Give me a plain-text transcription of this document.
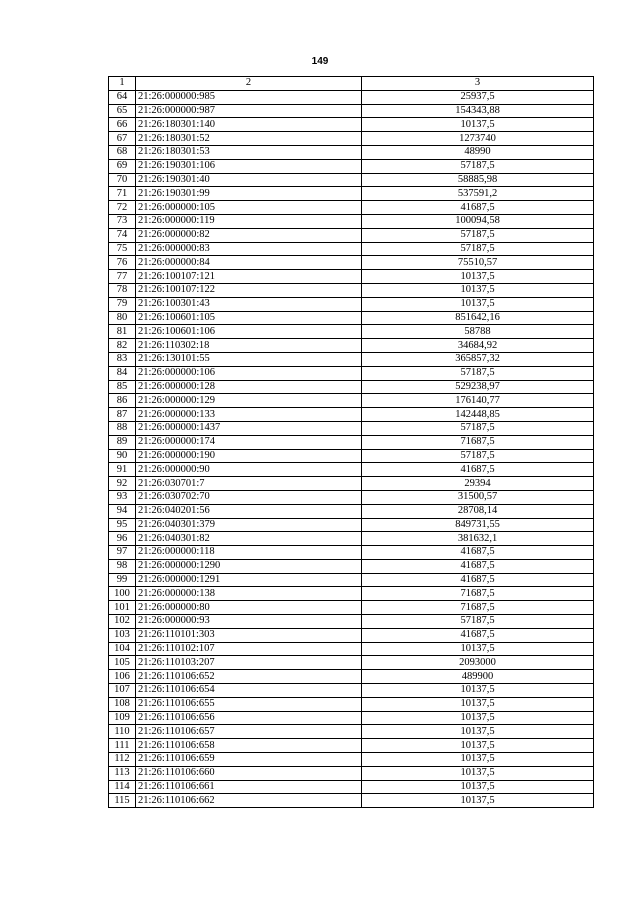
149
1	2	3
64	21:26:000000:985	25937,5
65	21:26:000000:987	154343,88
66	21:26:180301:140	10137,5
67	21:26:180301:52	1273740
68	21:26:180301:53	48990
69	21:26:190301:106	57187,5
70	21:26:190301:40	58885,98
71	21:26:190301:99	537591,2
72	21:26:000000:105	41687,5
73	21:26:000000:119	100094,58
74	21:26:000000:82	57187,5
75	21:26:000000:83	57187,5
76	21:26:000000:84	75510,57
77	21:26:100107:121	10137,5
78	21:26:100107:122	10137,5
79	21:26:100301:43	10137,5
80	21:26:100601:105	851642,16
81	21:26:100601:106	58788
82	21:26:110302:18	34684,92
83	21:26:130101:55	365857,32
84	21:26:000000:106	57187,5
85	21:26:000000:128	529238,97
86	21:26:000000:129	176140,77
87	21:26:000000:133	142448,85
88	21:26:000000:1437	57187,5
89	21:26:000000:174	71687,5
90	21:26:000000:190	57187,5
91	21:26:000000:90	41687,5
92	21:26:030701:7	29394
93	21:26:030702:70	31500,57
94	21:26:040201:56	28708,14
95	21:26:040301:379	849731,55
96	21:26:040301:82	381632,1
97	21:26:000000:118	41687,5
98	21:26:000000:1290	41687,5
99	21:26:000000:1291	41687,5
100	21:26:000000:138	71687,5
101	21:26:000000:80	71687,5
102	21:26:000000:93	57187,5
103	21:26:110101:303	41687,5
104	21:26:110102:107	10137,5
105	21:26:110103:207	2093000
106	21:26:110106:652	489900
107	21:26:110106:654	10137,5
108	21:26:110106:655	10137,5
109	21:26:110106:656	10137,5
110	21:26:110106:657	10137,5
111	21:26:110106:658	10137,5
112	21:26:110106:659	10137,5
113	21:26:110106:660	10137,5
114	21:26:110106:661	10137,5
115	21:26:110106:662	10137,5
